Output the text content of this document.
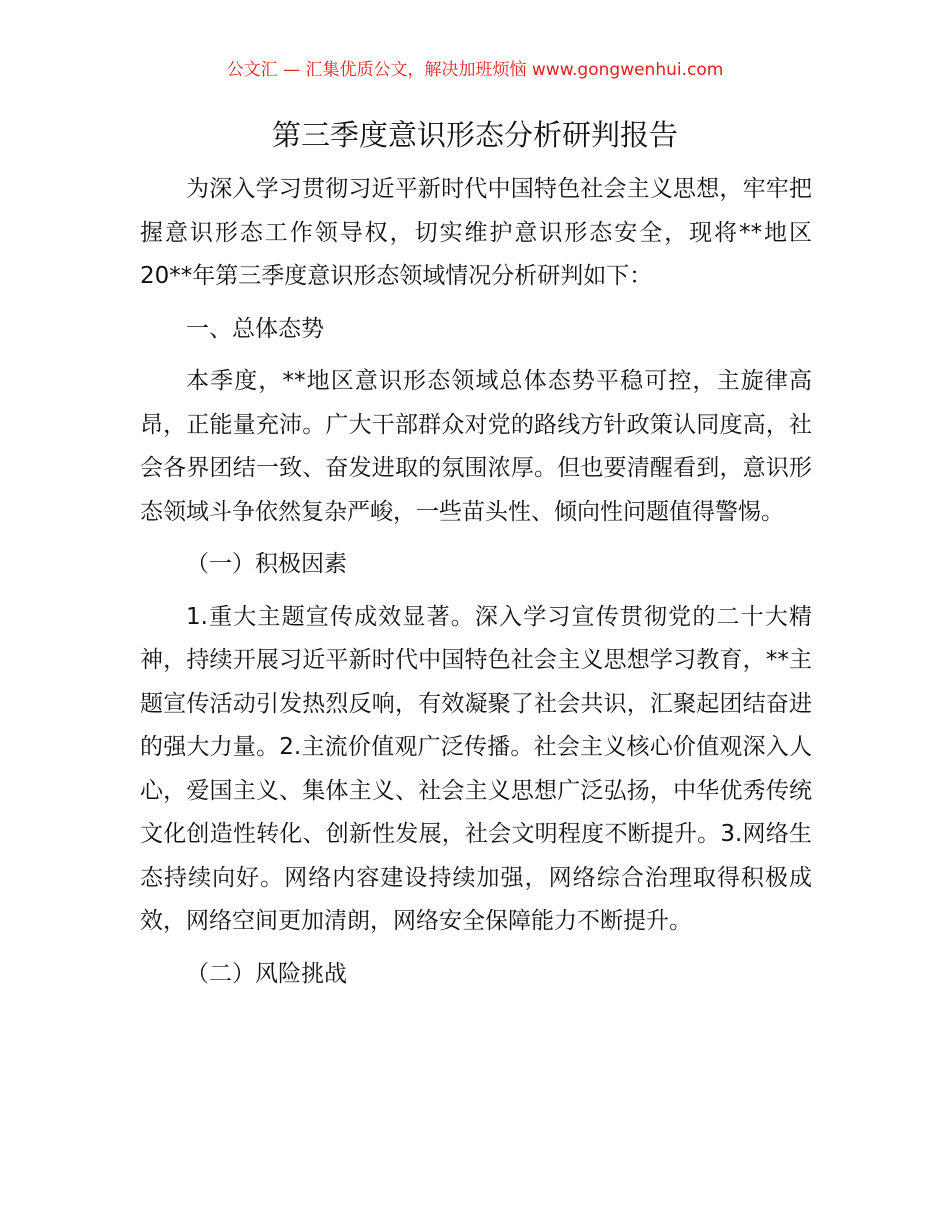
公文汇 — 汇集优质公文，解决加班烦恼 www.gongwenhui.com
第三季度意识形态分析研判报告

为深入学习贯彻习近平新时代中国特色社会主义思想，牢牢把握意识形态工作领导权，切实维护意识形态安全，现将**地区 20**年第三季度意识形态领域情况分析研判如下：

一、总体态势

本季度，**地区意识形态领域总体态势平稳可控，主旋律高昂，正能量充沛。广大干部群众对党的路线方针政策认同度高，社会各界团结一致、奋发进取的氛围浓厚。但也要清醒看到，意识形态领域斗争依然复杂严峻，一些苗头性、倾向性问题值得警惕。

（一）积极因素

1.重大主题宣传成效显著。深入学习宣传贯彻党的二十大精神，持续开展习近平新时代中国特色社会主义思想学习教育，**主题宣传活动引发热烈反响，有效凝聚了社会共识，汇聚起团结奋进的强大力量。2.主流价值观广泛传播。社会主义核心价值观深入人心，爱国主义、集体主义、社会主义思想广泛弘扬，中华优秀传统文化创造性转化、创新性发展，社会文明程度不断提升。3.网络生态持续向好。网络内容建设持续加强，网络综合治理取得积极成效，网络空间更加清朗，网络安全保障能力不断提升。

（二）风险挑战
